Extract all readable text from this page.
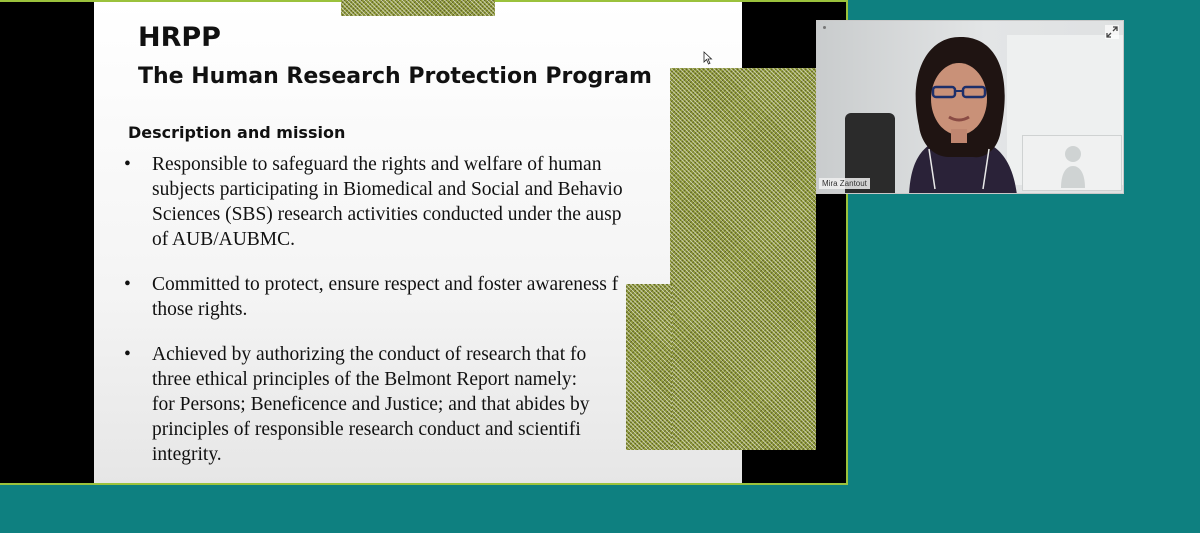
HRPP
The Human Research Protection Program
Description and mission
• Responsible to safeguard the rights and welfare of human
subjects participating in Biomedical and Social and Behavio
Sciences (SBS) research activities conducted under the ausp
of AUB/AUBMC.
• Committed to protect, ensure respect and foster awareness f
those rights.
• Achieved by authorizing the conduct of research that fo
three ethical principles of the Belmont Report namely:
for Persons; Beneficence and Justice; and that abides by
principles of responsible research conduct and scientifi
integrity.
Mira Zantout
